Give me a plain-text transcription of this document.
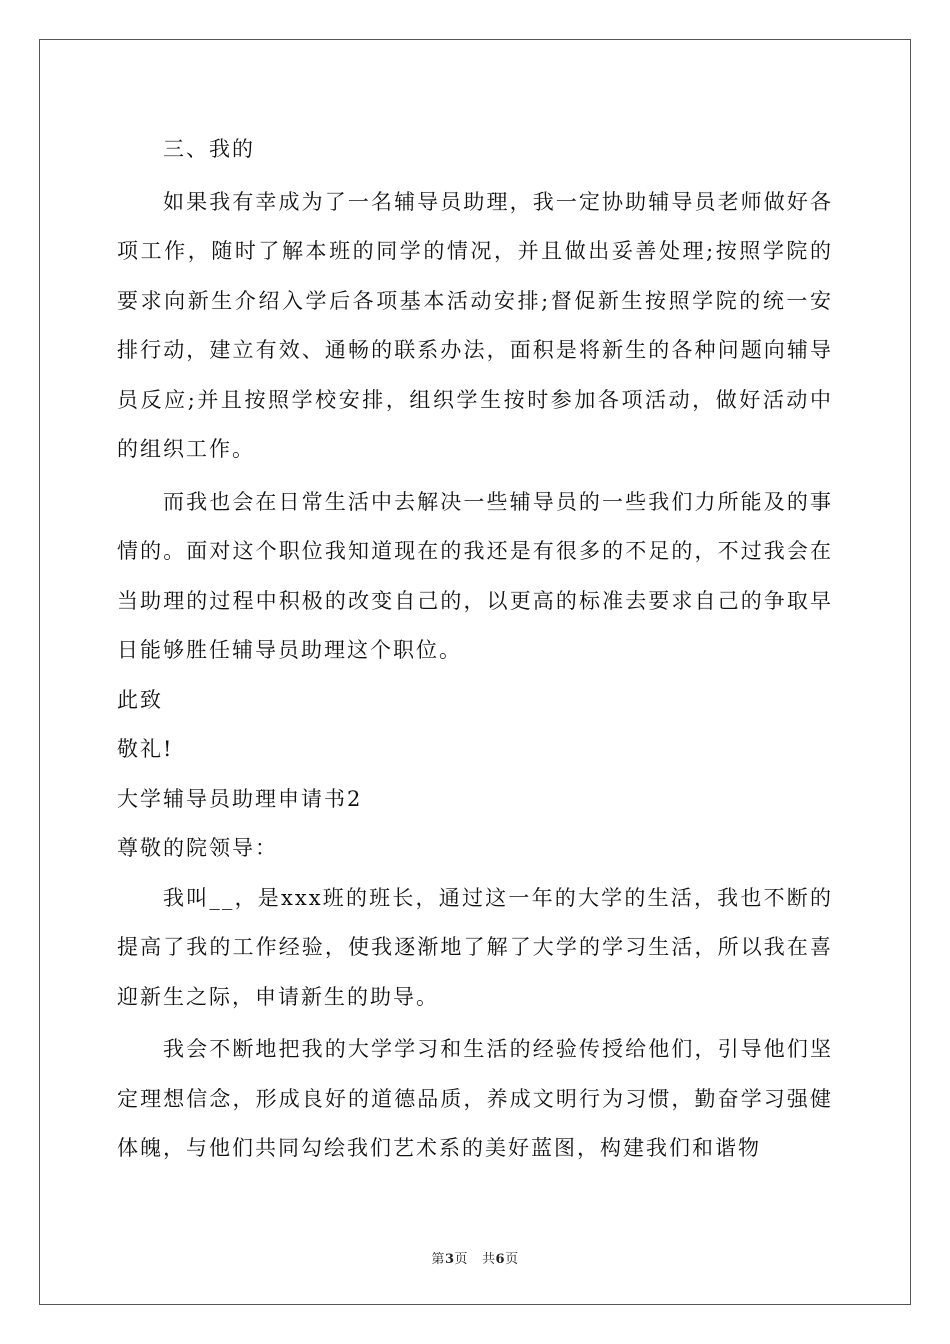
三、我的

如果我有幸成为了一名辅导员助理，我一定协助辅导员老师做好各项工作，随时了解本班的同学的情况，并且做出妥善处理;按照学院的要求向新生介绍入学后各项基本活动安排;督促新生按照学院的统一安排行动，建立有效、通畅的联系办法，面积是将新生的各种问题向辅导员反应;并且按照学校安排，组织学生按时参加各项活动，做好活动中的组织工作。

而我也会在日常生活中去解决一些辅导员的一些我们力所能及的事情的。面对这个职位我知道现在的我还是有很多的不足的，不过我会在当助理的过程中积极的改变自己的，以更高的标准去要求自己的争取早日能够胜任辅导员助理这个职位。

此致

敬礼!

大学辅导员助理申请书2

尊敬的院领导：

我叫__，是xxx班的班长，通过这一年的大学的生活，我也不断的提高了我的工作经验，使我逐渐地了解了大学的学习生活，所以我在喜迎新生之际，申请新生的助导。

我会不断地把我的大学学习和生活的经验传授给他们，引导他们坚定理想信念，形成良好的道德品质，养成文明行为习惯，勤奋学习强健体魄，与他们共同勾绘我们艺术系的美好蓝图，构建我们和谐物

第3页 共6页
